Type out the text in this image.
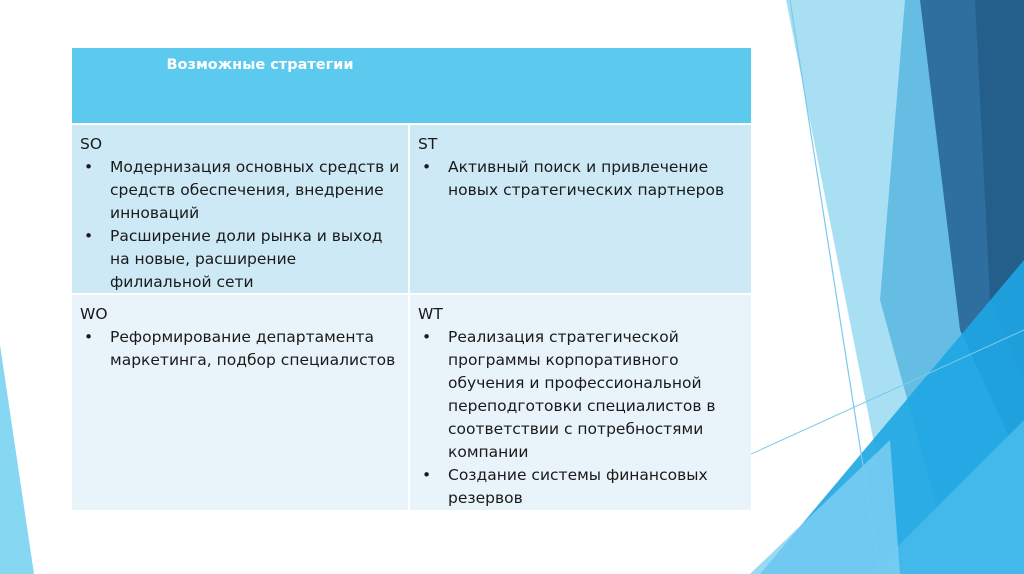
Возможные стратегии
SO
• Модернизация основных средств и средств обеспечения, внедрение инноваций
• Расширение доли рынка и выход на новые, расширение филиальной сети
ST
• Активный поиск и привлечение новых стратегических партнеров
WO
• Реформирование департамента маркетинга, подбор специалистов
WT
• Реализация стратегической программы корпоративного обучения и профессиональной переподготовки специалистов в соответствии с потребностями компании
• Создание системы финансовых резервов
